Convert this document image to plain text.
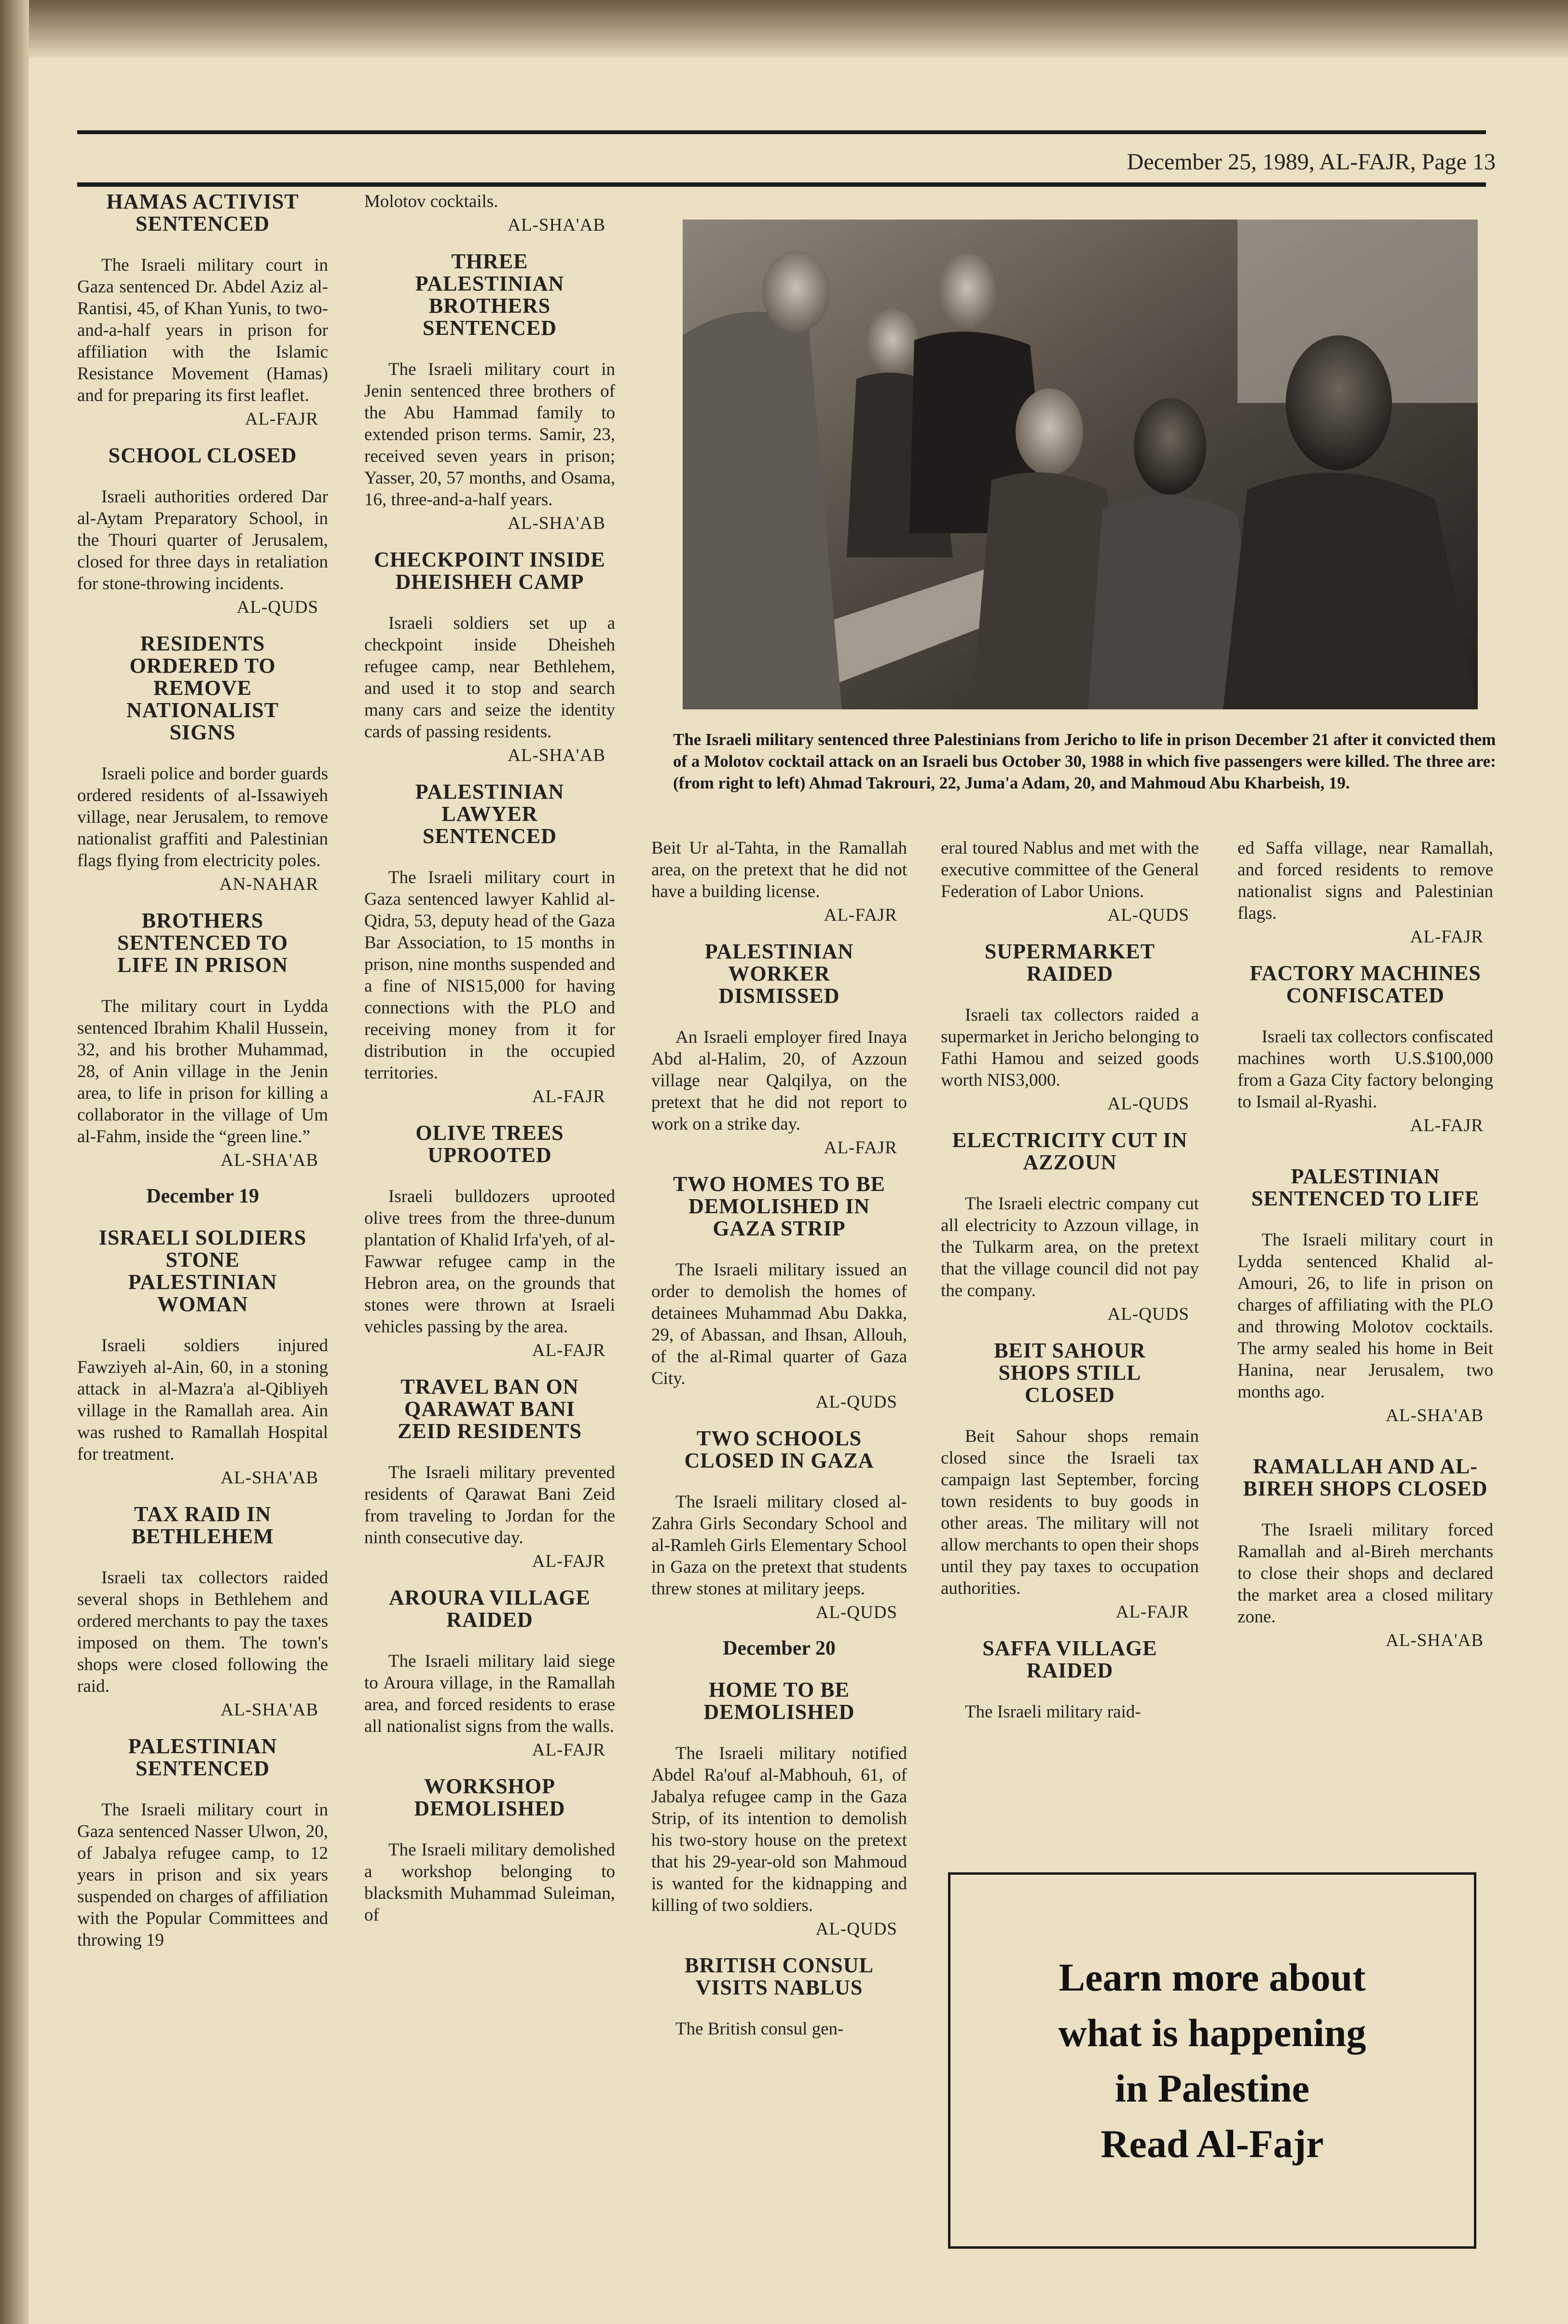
December 25, 1989, AL-FAJR, Page 13
HAMAS ACTIVIST SENTENCED

The Israeli military court in Gaza sentenced Dr. Abdel Aziz al-Rantisi, 45, of Khan Yunis, to two-and-a-half years in prison for affiliation with the Islamic Resistance Movement (Hamas) and for preparing its first leaflet.

AL-FAJR
SCHOOL CLOSED

Israeli authorities ordered Dar al-Aytam Preparatory School, in the Thouri quarter of Jerusalem, closed for three days in retaliation for stone-throwing incidents.

AL-QUDS
RESIDENTS ORDERED TO REMOVE NATIONALIST SIGNS

Israeli police and border guards ordered residents of al-Issawiyeh village, near Jerusalem, to remove nationalist graffiti and Palestinian flags flying from electricity poles.

AN-NAHAR
BROTHERS SENTENCED TO LIFE IN PRISON

The military court in Lydda sentenced Ibrahim Khalil Hussein, 32, and his brother Muhammad, 28, of Anin village in the Jenin area, to life in prison for killing a collaborator in the village of Um al-Fahm, inside the “green line.”

AL-SHA'AB
December 19
ISRAELI SOLDIERS STONE PALESTINIAN WOMAN

Israeli soldiers injured Fawziyeh al-Ain, 60, in a stoning attack in al-Mazra'a al-Qibliyeh village in the Ramallah area. Ain was rushed to Ramallah Hospital for treatment.

AL-SHA'AB
TAX RAID IN BETHLEHEM

Israeli tax collectors raided several shops in Bethlehem and ordered merchants to pay the taxes imposed on them. The town's shops were closed following the raid.

AL-SHA'AB
PALESTINIAN SENTENCED

The Israeli military court in Gaza sentenced Nasser Ulwon, 20, of Jabalya refugee camp, to 12 years in prison and six years suspended on charges of affiliation with the Popular Committees and throwing 19

Molotov cocktails.

AL-SHA'AB
THREE PALESTINIAN BROTHERS SENTENCED

The Israeli military court in Jenin sentenced three brothers of the Abu Hammad family to extended prison terms. Samir, 23, received seven years in prison; Yasser, 20, 57 months, and Osama, 16, three-and-a-half years.

AL-SHA'AB
CHECKPOINT INSIDE DHEISHEH CAMP

Israeli soldiers set up a checkpoint inside Dheisheh refugee camp, near Bethlehem, and used it to stop and search many cars and seize the identity cards of passing residents.

AL-SHA'AB
PALESTINIAN LAWYER SENTENCED

The Israeli military court in Gaza sentenced lawyer Kahlid al-Qidra, 53, deputy head of the Gaza Bar Association, to 15 months in prison, nine months suspended and a fine of NIS15,000 for having connections with the PLO and receiving money from it for distribution in the occupied territories.

AL-FAJR
OLIVE TREES UPROOTED

Israeli bulldozers uprooted olive trees from the three-dunum plantation of Khalid Irfa'yeh, of al-Fawwar refugee camp in the Hebron area, on the grounds that stones were thrown at Israeli vehicles passing by the area.

AL-FAJR
TRAVEL BAN ON QARAWAT BANI ZEID RESIDENTS

The Israeli military prevented residents of Qarawat Bani Zeid from traveling to Jordan for the ninth consecutive day.

AL-FAJR
AROURA VILLAGE RAIDED

The Israeli military laid siege to Aroura village, in the Ramallah area, and forced residents to erase all nationalist signs from the walls.

AL-FAJR
WORKSHOP DEMOLISHED

The Israeli military demolished a workshop belonging to blacksmith Muhammad Suleiman, of

The Israeli military sentenced three Palestinians from Jericho to life in prison December 21 after it convicted them of a Molotov cocktail attack on an Israeli bus October 30, 1988 in which five passengers were killed. The three are: (from right to left) Ahmad Takrouri, 22, Juma'a Adam, 20, and Mahmoud Abu Kharbeish, 19.

Beit Ur al-Tahta, in the Ramallah area, on the pretext that he did not have a building license.

AL-FAJR
PALESTINIAN WORKER DISMISSED

An Israeli employer fired Inaya Abd al-Halim, 20, of Azzoun village near Qalqilya, on the pretext that he did not report to work on a strike day.

AL-FAJR
TWO HOMES TO BE DEMOLISHED IN GAZA STRIP

The Israeli military issued an order to demolish the homes of detainees Muhammad Abu Dakka, 29, of Abassan, and Ihsan, Allouh, of the al-Rimal quarter of Gaza City.

AL-QUDS
TWO SCHOOLS CLOSED IN GAZA

The Israeli military closed al-Zahra Girls Secondary School and al-Ramleh Girls Elementary School in Gaza on the pretext that students threw stones at military jeeps.

AL-QUDS
December 20
HOME TO BE DEMOLISHED

The Israeli military notified Abdel Ra'ouf al-Mabhouh, 61, of Jabalya refugee camp in the Gaza Strip, of its intention to demolish his two-story house on the pretext that his 29-year-old son Mahmoud is wanted for the kidnapping and killing of two soldiers.

AL-QUDS
BRITISH CONSUL VISITS NABLUS

The British consul gen-

eral toured Nablus and met with the executive committee of the General Federation of Labor Unions.

AL-QUDS
SUPERMARKET RAIDED

Israeli tax collectors raided a supermarket in Jericho belonging to Fathi Hamou and seized goods worth NIS3,000.

AL-QUDS
ELECTRICITY CUT IN AZZOUN

The Israeli electric company cut all electricity to Azzoun village, in the Tulkarm area, on the pretext that the village council did not pay the company.

AL-QUDS
BEIT SAHOUR SHOPS STILL CLOSED

Beit Sahour shops remain closed since the Israeli tax campaign last September, forcing town residents to buy goods in other areas. The military will not allow merchants to open their shops until they pay taxes to occupation authorities.

AL-FAJR
SAFFA VILLAGE RAIDED

The Israeli military raid-

ed Saffa village, near Ramallah, and forced residents to remove nationalist signs and Palestinian flags.

AL-FAJR
FACTORY MACHINES CONFISCATED

Israeli tax collectors confiscated machines worth U.S.$100,000 from a Gaza City factory belonging to Ismail al-Ryashi.

AL-FAJR
PALESTINIAN SENTENCED TO LIFE

The Israeli military court in Lydda sentenced Khalid al-Amouri, 26, to life in prison on charges of affiliating with the PLO and throwing Molotov cocktails. The army sealed his home in Beit Hanina, near Jerusalem, two months ago.

AL-SHA'AB
RAMALLAH AND AL-BIREH SHOPS CLOSED

The Israeli military forced Ramallah and al-Bireh merchants to close their shops and declared the market area a closed military zone.

AL-SHA'AB
Learn more about
what is happening
in Palestine
Read Al-Fajr
